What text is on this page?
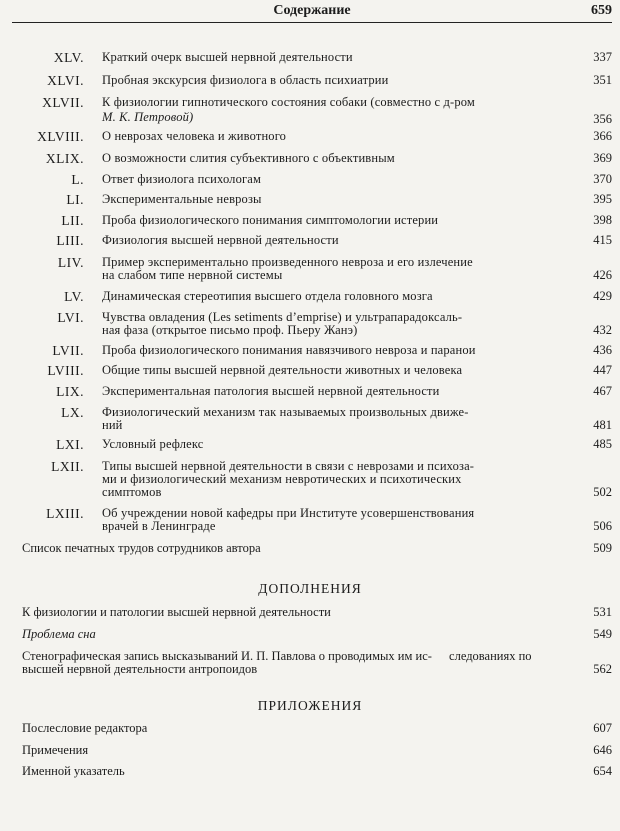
Содержание	659
XLV. Краткий очерк высшей нервной деятельности	337
XLVI. Пробная экскурсия физиолога в область психиатрии	351
XLVII. К физиологии гипнотического состояния собаки (совместно с д-ром
М. К. Петровой)	356
XLVIII. О неврозах человека и животного	366
XLIX. О возможности слития субъективного с объективным	369
L. Ответ физиолога психологам	370
LI. Экспериментальные неврозы	395
LII. Проба физиологического понимания симптомологии истерии	398
LIII. Физиология высшей нервной деятельности	415
LIV. Пример экспериментально произведенного невроза и его излечение
на слабом типе нервной системы	426
LV. Динамическая стереотипия высшего отдела головного мозга	429
LVI. Чувства овладения (Les setiments d’emprise) и ультрапарадоксаль-
ная фаза (открытое письмо проф. Пьеру Жанэ)	432
LVII. Проба физиологического понимания навязчивого невроза и паранои	436
LVIII. Общие типы высшей нервной деятельности животных и человека	447
LIX. Экспериментальная патология высшей нервной деятельности	467
LX. Физиологический механизм так называемых произвольных движе-
ний	481
LXI. Условный рефлекс	485
LXII. Типы высшей нервной деятельности в связи с неврозами и психоза-
ми и физиологический механизм невротических и психотических
симптомов	502
LXIII. Об учреждении новой кафедры при Институте усовершенствования
врачей в Ленинграде	506
Список печатных трудов сотрудников автора	509
ДОПОЛНЕНИЯ
К физиологии и патологии высшей нервной деятельности	531
Проблема сна	549
Стенографическая запись высказываний И. П. Павлова о проводимых им ис- следованиях по высшей нервной деятельности антропоидов	562
ПРИЛОЖЕНИЯ
Послесловие редактора	607
Примечения	646
Именной указатель	654
